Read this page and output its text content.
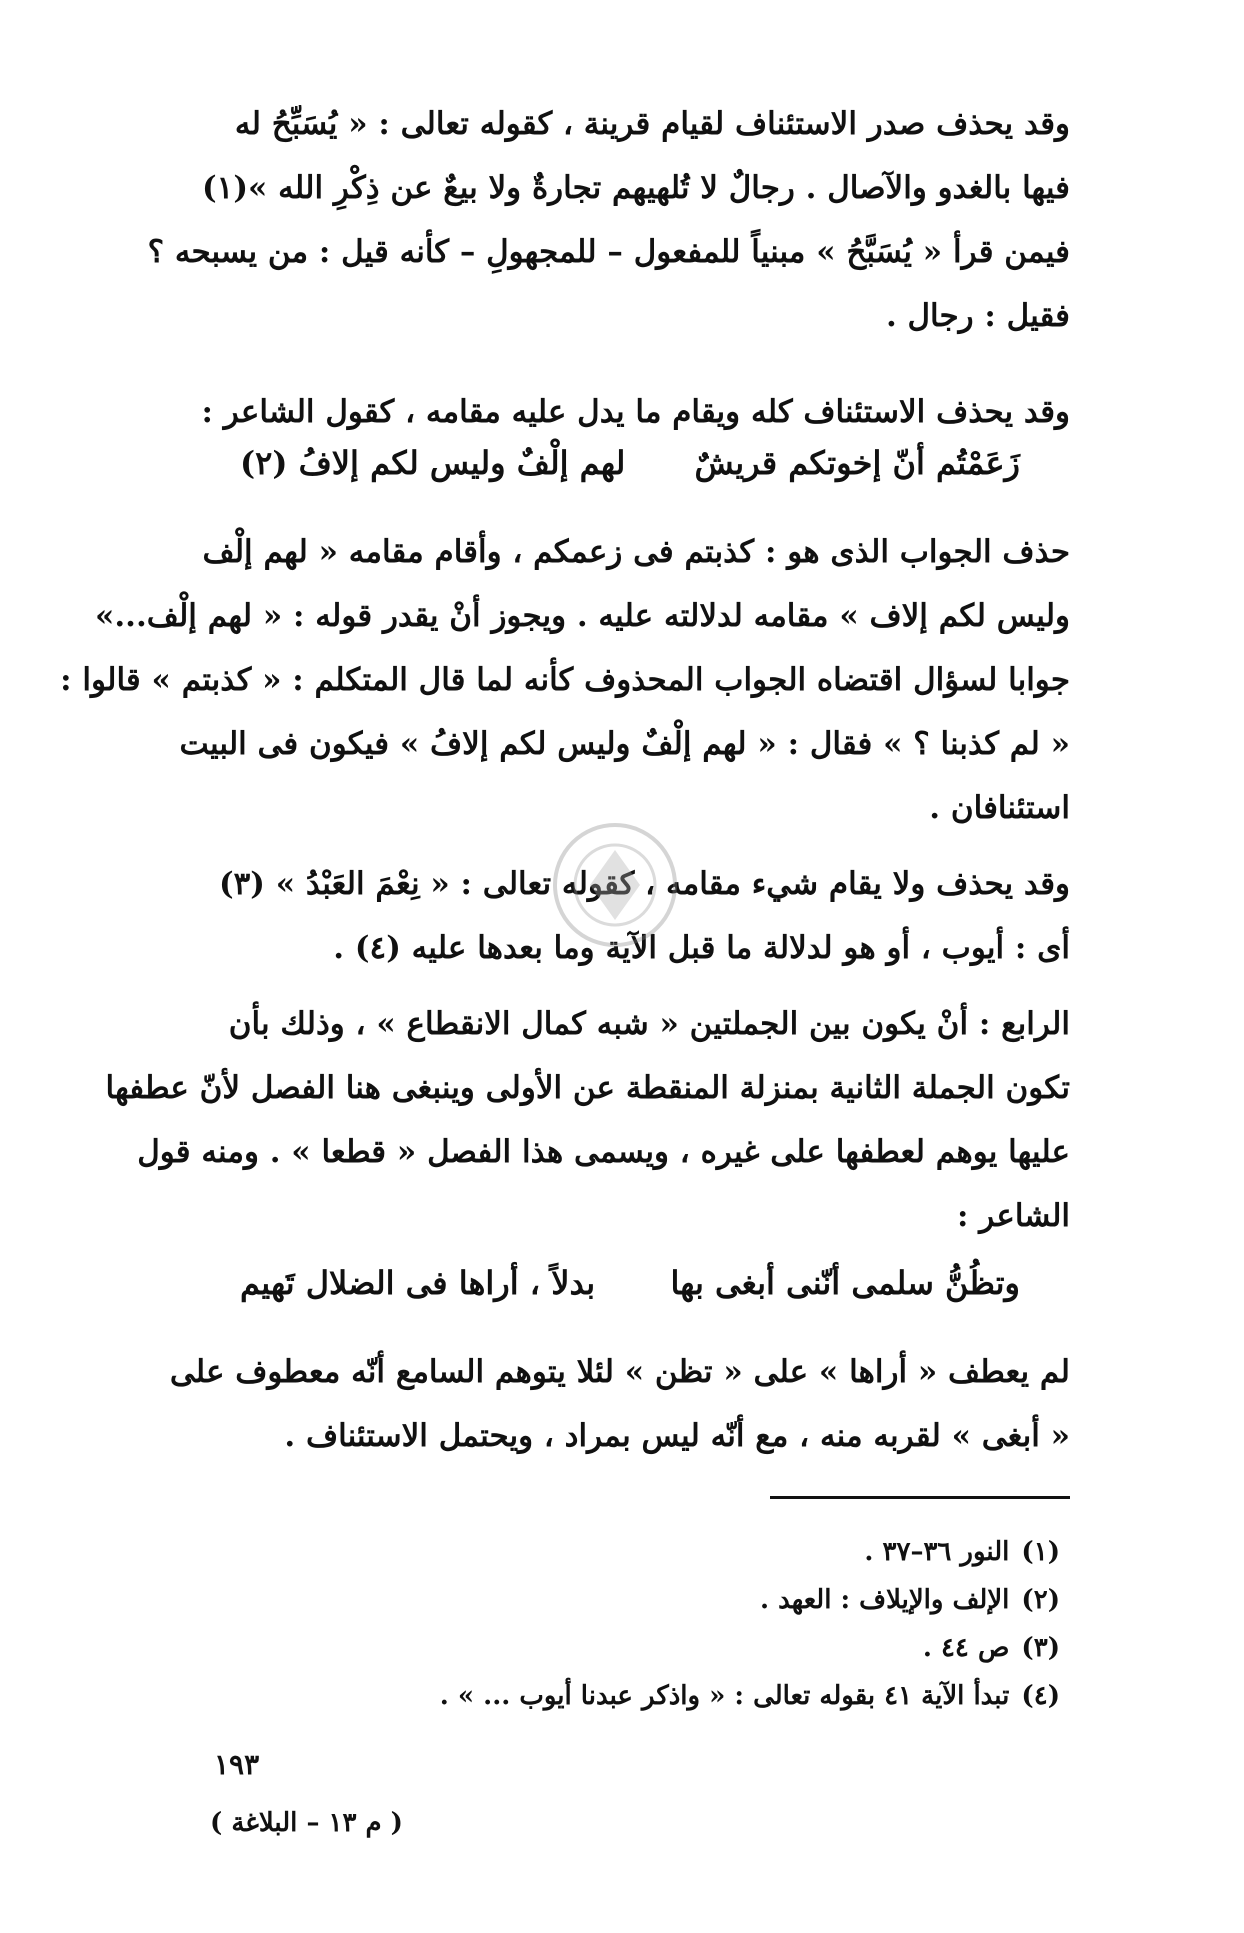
وقد يحذف صدر الاستئناف لقيام قرينة ، كقوله تعالى : « يُسَبِّحُ له
فيها بالغدو والآصال . رجالٌ لا تُلهيهم تجارةٌ ولا بيعٌ عن ذِكْرِ الله »(١)
فيمن قرأ « يُسَبَّحُ » مبنياً للمفعول – للمجهولِ – كأنه قيل : من يسبحه ؟
فقيل : رجال .
وقد يحذف الاستئناف كله ويقام ما يدل عليه مقامه ، كقول الشاعر :
زَعَمْتُم أنّ إخوتكم قريشٌ
لهم إلْفٌ وليس لكم إلافُ (٢)
حذف الجواب الذى هو : كذبتم فى زعمكم ، وأقام مقامه « لهم إلْف
وليس لكم إلاف » مقامه لدلالته عليه . ويجوز أنْ يقدر قوله : « لهم إلْف...»
جوابا لسؤال اقتضاه الجواب المحذوف كأنه لما قال المتكلم : « كذبتم » قالوا :
« لم كذبنا ؟ » فقال : « لهم إلْفٌ وليس لكم إلافُ » فيكون فى البيت
استئنافان .
وقد يحذف ولا يقام شيء مقامه ، كقوله تعالى : « نِعْمَ العَبْدُ » (٣)
أى : أيوب ، أو هو لدلالة ما قبل الآية وما بعدها عليه (٤) .
الرابع : أنْ يكون بين الجملتين « شبه كمال الانقطاع » ، وذلك بأن
تكون الجملة الثانية بمنزلة المنقطة عن الأولى وينبغى هنا الفصل لأنّ عطفها
عليها يوهم لعطفها على غيره ، ويسمى هذا الفصل « قطعا » . ومنه قول
الشاعر :
وتظُنُّ سلمى أنّنى أبغى بها
بدلاً ، أراها فى الضلال تَهيم
لم يعطف « أراها » على « تظن » لئلا يتوهم السامع أنّه معطوف على
« أبغى » لقربه منه ، مع أنّه ليس بمراد ، ويحتمل الاستئناف .
(١)النور ٣٦–٣٧ .
(٢)الإلف والإيلاف : العهد .
(٣)ص ٤٤ .
(٤)تبدأ الآية ٤١ بقوله تعالى : « واذكر عبدنا أيوب ... » .
١٩٣
( م ١٣ – البلاغة )
